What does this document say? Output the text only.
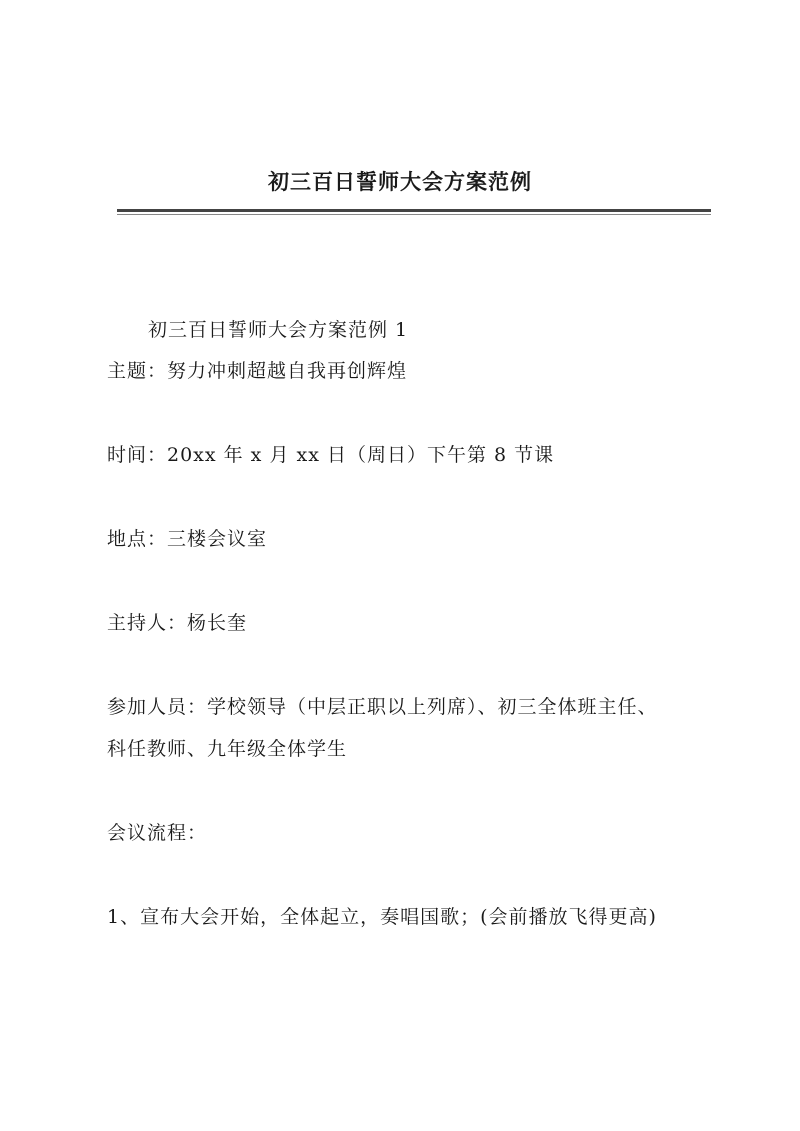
初三百日誓师大会方案范例
初三百日誓师大会方案范例 1
主题：努力冲刺超越自我再创辉煌
时间：20xx 年 x 月 xx 日（周日）下午第 8 节课
地点：三楼会议室
主持人：杨长奎
参加人员：学校领导（中层正职以上列席）、初三全体班主任、
科任教师、九年级全体学生
会议流程：
1、宣布大会开始，全体起立，奏唱国歌；(会前播放飞得更高)
